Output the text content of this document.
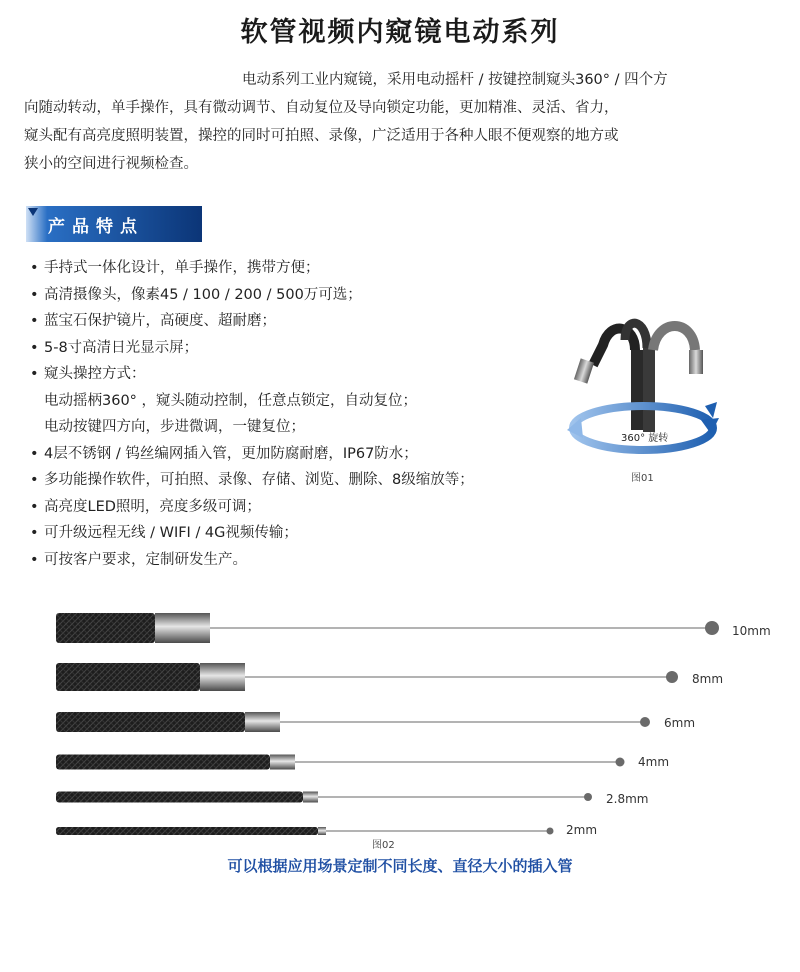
软管视频内窥镜电动系列
电动系列工业内窥镜，采用电动摇杆 / 按键控制窥头360° / 四个方
向随动转动，单手操作，具有微动调节、自动复位及导向锁定功能，更加精准、灵活、省力，
窥头配有高亮度照明装置，操控的同时可拍照、录像，广泛适用于各种人眼不便观察的地方或
狭小的空间进行视频检查。
产品特点
• 手持式一体化设计，单手操作，携带方便；
• 高清摄像头，像素45 / 100 / 200 / 500万可选；
• 蓝宝石保护镜片，高硬度、超耐磨；
• 5-8寸高清日光显示屏；
• 窥头操控方式：
电动摇柄360° ，窥头随动控制，任意点锁定，自动复位；
电动按键四方向，步进微调，一键复位；
• 4层不锈钢 / 钨丝编网插入管，更加防腐耐磨，IP67防水；
• 多功能操作软件，可拍照、录像、存储、浏览、删除、8级缩放等；
• 高亮度LED照明，亮度多级可调；
• 可升级远程无线 / WIFI / 4G视频传输；
• 可按客户要求，定制研发生产。
360° 旋转
图01
10mm
8mm
6mm
4mm
2.8mm
2mm
图02
可以根据应用场景定制不同长度、直径大小的插入管
